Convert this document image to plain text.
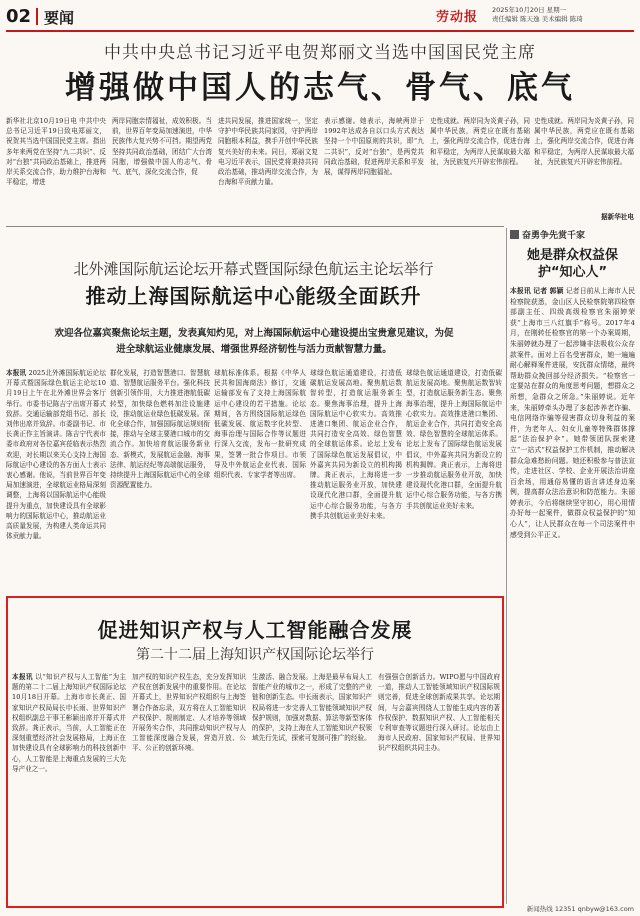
02 要闻	劳动报 2025年10月20日 星期一
责任编辑 陈天逸 美术编辑 陈琦
中共中央总书记习近平电贺郑丽文当选中国国民党主席
增强做中国人的志气、骨气、底气
新华社北京10月19日电 中共中央总书记习近平19日致电郑丽文，祝贺其当选中国国民党主席。指出多年来两党在坚持“九二共识”、反对“台独”共同政治基础上，推进两岸关系交流合作，助力维护台海和平稳定，增进
两岸同胞亲情福祉，成效积极。当前，世界百年变局加速演进，中华民族伟大复兴势不可挡。期望两党坚持共同政治基础，团结广大台湾同胞，增强做中国人的志气、骨气、底气，深化交流合作，促
进共同发展，推进国家统一，坚定守护中华民族共同家园，守护两岸同胞根本利益，携手开创中华民族复兴美好的未来。同日，郑丽文复电习近平表示，国民党将秉持共同政治基础，推动两岸交流合作，为台海和平贡献力量。
表示感谢。她表示，海峡两岸于1992年达成各自以口头方式表达坚持一个中国原则的共识，即“九二共识”，反对“台独”，是两党共同政治基础，促进两岸关系和平发展，谋得两岸同胞福祉。
史性成就。两岸同为炎黄子孙，同属中华民族，两党应在既有基础上，强化两岸交流合作，促进台海和平稳定，为两岸人民谋取最大福祉，为民族复兴开辟宏伟前程。
史性成就。两岸同为炎黄子孙，同属中华民族，两党应在既有基础上，强化两岸交流合作，促进台海和平稳定，为两岸人民谋取最大福祉，为民族复兴开辟宏伟前程。
据新华社电
北外滩国际航运论坛开幕式暨国际绿色航运主论坛举行
推动上海国际航运中心能级全面跃升
欢迎各位嘉宾聚焦论坛主题，发表真知灼见，对上海国际航运中心建设提出宝贵意见建议，为促进全球航运业健康发展、增强世界经济韧性与活力贡献智慧力量。
本报讯 2025北外滩国际航运论坛开幕式暨国际绿色航运主论坛10月19日上午在北外滩世界会客厅举行。市委书记陈吉宁出席开幕式致辞。交通运输部党组书记、部长刘伟出席并致辞。市委副书记、市长龚正作主旨演讲。陈吉宁代表市委市政府对各位嘉宾莅临表示热烈欢迎，对长期以来关心支持上海国际航运中心建设的各方面人士表示衷心感谢。他说，当前世界百年变局加速演进，全球航运业格局深刻调整，上海将以国际航运中心能级提升为重点，加快建设具有全球影响力的国际航运中心，推动航运业高质量发展，为构建人类命运共同体贡献力量。
群化发展，打造智慧港口、智慧航道、智慧航运服务平台。强化科技创新引领作用，大力推进港航低碳转型，加快绿色燃料加注设施建设，推动航运业绿色低碳发展。深化全球合作，加强国际航运规则衔接，推动与全球主要港口城市的交流合作。加快培育航运服务新业态、新模式，发展航运金融、海事法律、航运经纪等高端航运服务，持续提升上海国际航运中心的全球资源配置能力。
球航标准体系。根据《中华人民共和国海商法》修订，交通运输部发布了支持上海国际航运中心建设的若干措施。论坛期间，各方围绕国际航运绿色低碳发展、航运数字化转型、海事治理与国际合作等议题进行深入交流，发布一批研究成果，签署一批合作项目。市领导及中外航运企业代表、国际组织代表、专家学者等出席。
球绿色航运通道建设，打造低碳航运发展高地。聚焦航运数智转型，打造航运服务新生态。聚焦海事治理，提升上海国际航运中心软实力。高效推进港口集团、航运企业合作，共同打造安全高效、绿色智慧的全球航运体系。论坛上发布了国际绿色航运发展倡议，中外嘉宾共同为新设立的机构揭牌。龚正表示，上海将进一步推动航运服务业开放，加快建设现代化港口群，全面提升航运中心综合服务功能，与各方携手共创航运业美好未来。
球绿色航运通道建设，打造低碳航运发展高地。聚焦航运数智转型，打造航运服务新生态。聚焦海事治理，提升上海国际航运中心软实力。高效推进港口集团、航运企业合作，共同打造安全高效、绿色智慧的全球航运体系。论坛上发布了国际绿色航运发展倡议，中外嘉宾共同为新设立的机构揭牌。龚正表示，上海将进一步推动航运服务业开放，加快建设现代化港口群，全面提升航运中心综合服务功能，与各方携手共创航运业美好未来。
奋勇争先赏千家
她是群众权益保护“知心人”
本报讯 记者 郭颖 记者日前从上海市人民检察院获悉，金山区人民检察院第四检察部副主任、四级高级检察官朱丽婷荣获“上海市三八红旗手”称号。2017年4月，在刚转任检察官的第一个办案周期，朱丽婷就办理了一起涉嫌非法吸收公众存款案件。面对上百名受害群众，她一遍遍耐心解释案件进展，安抚群众情绪，最终帮助群众挽回部分经济损失。“检察官一定要站在群众的角度思考问题，想群众之所想，急群众之所急。”朱丽婷说。近年来，朱丽婷牵头办理了多起涉养老诈骗、电信网络诈骗等侵害群众切身利益的案件，为老年人、妇女儿童等特殊群体撑起“法治保护伞”。她带领团队探索建立“一站式”权益保护工作机制，推动解决群众急难愁盼问题。她还积极参与普法宣传，走进社区、学校、企业开展法治讲座百余场，用通俗易懂的语言讲述身边案例，提高群众法治意识和防范能力。朱丽婷表示，今后将继续坚守初心，用心用情办好每一起案件，做群众权益保护的“知心人”，让人民群众在每一个司法案件中感受到公平正义。
促进知识产权与人工智能融合发展
第二十二届上海知识产权国际论坛举行
本报讯 以“知识产权与人工智能”为主题的第二十二届上海知识产权国际论坛10月18日开幕。上海市市长龚正、国家知识产权局局长申长雨、世界知识产权组织副总干事王彬颖出席并开幕式并致辞。龚正表示，当前，人工智能正在深刻重塑经济社会发展格局，上海正在加快建设具有全球影响力的科技创新中心，人工智能是上海重点发展的三大先导产业之一。
加产权的知识产权生态，充分发挥知识产权在创新发展中的重要作用。在论坛开幕式上，世界知识产权组织与上海签署合作备忘录，双方将在人工智能知识产权保护、规则制定、人才培养等领域开展务实合作，共同推动知识产权与人工智能深度融合发展，营造开放、公平、公正的创新环境。
生激活、融合发展。上海是最早布局人工智能产业的城市之一，形成了完整的产业链和创新生态。申长雨表示，国家知识产权局将进一步完善人工智能领域知识产权保护规则，加强对数据、算法等新型客体的保护，支持上海在人工智能知识产权领域先行先试，探索可复制可推广的经验。
有强强合创新活力。WIPO愿与中国政府一道，推动人工智能领域知识产权国际规则完善，促进全球创新成果共享。论坛期间，与会嘉宾围绕人工智能生成内容的著作权保护、数据知识产权、人工智能相关专利审查等议题进行深入研讨。论坛由上海市人民政府、国家知识产权局、世界知识产权组织共同主办。
新闻热线 12351 qnbyw@163.com
